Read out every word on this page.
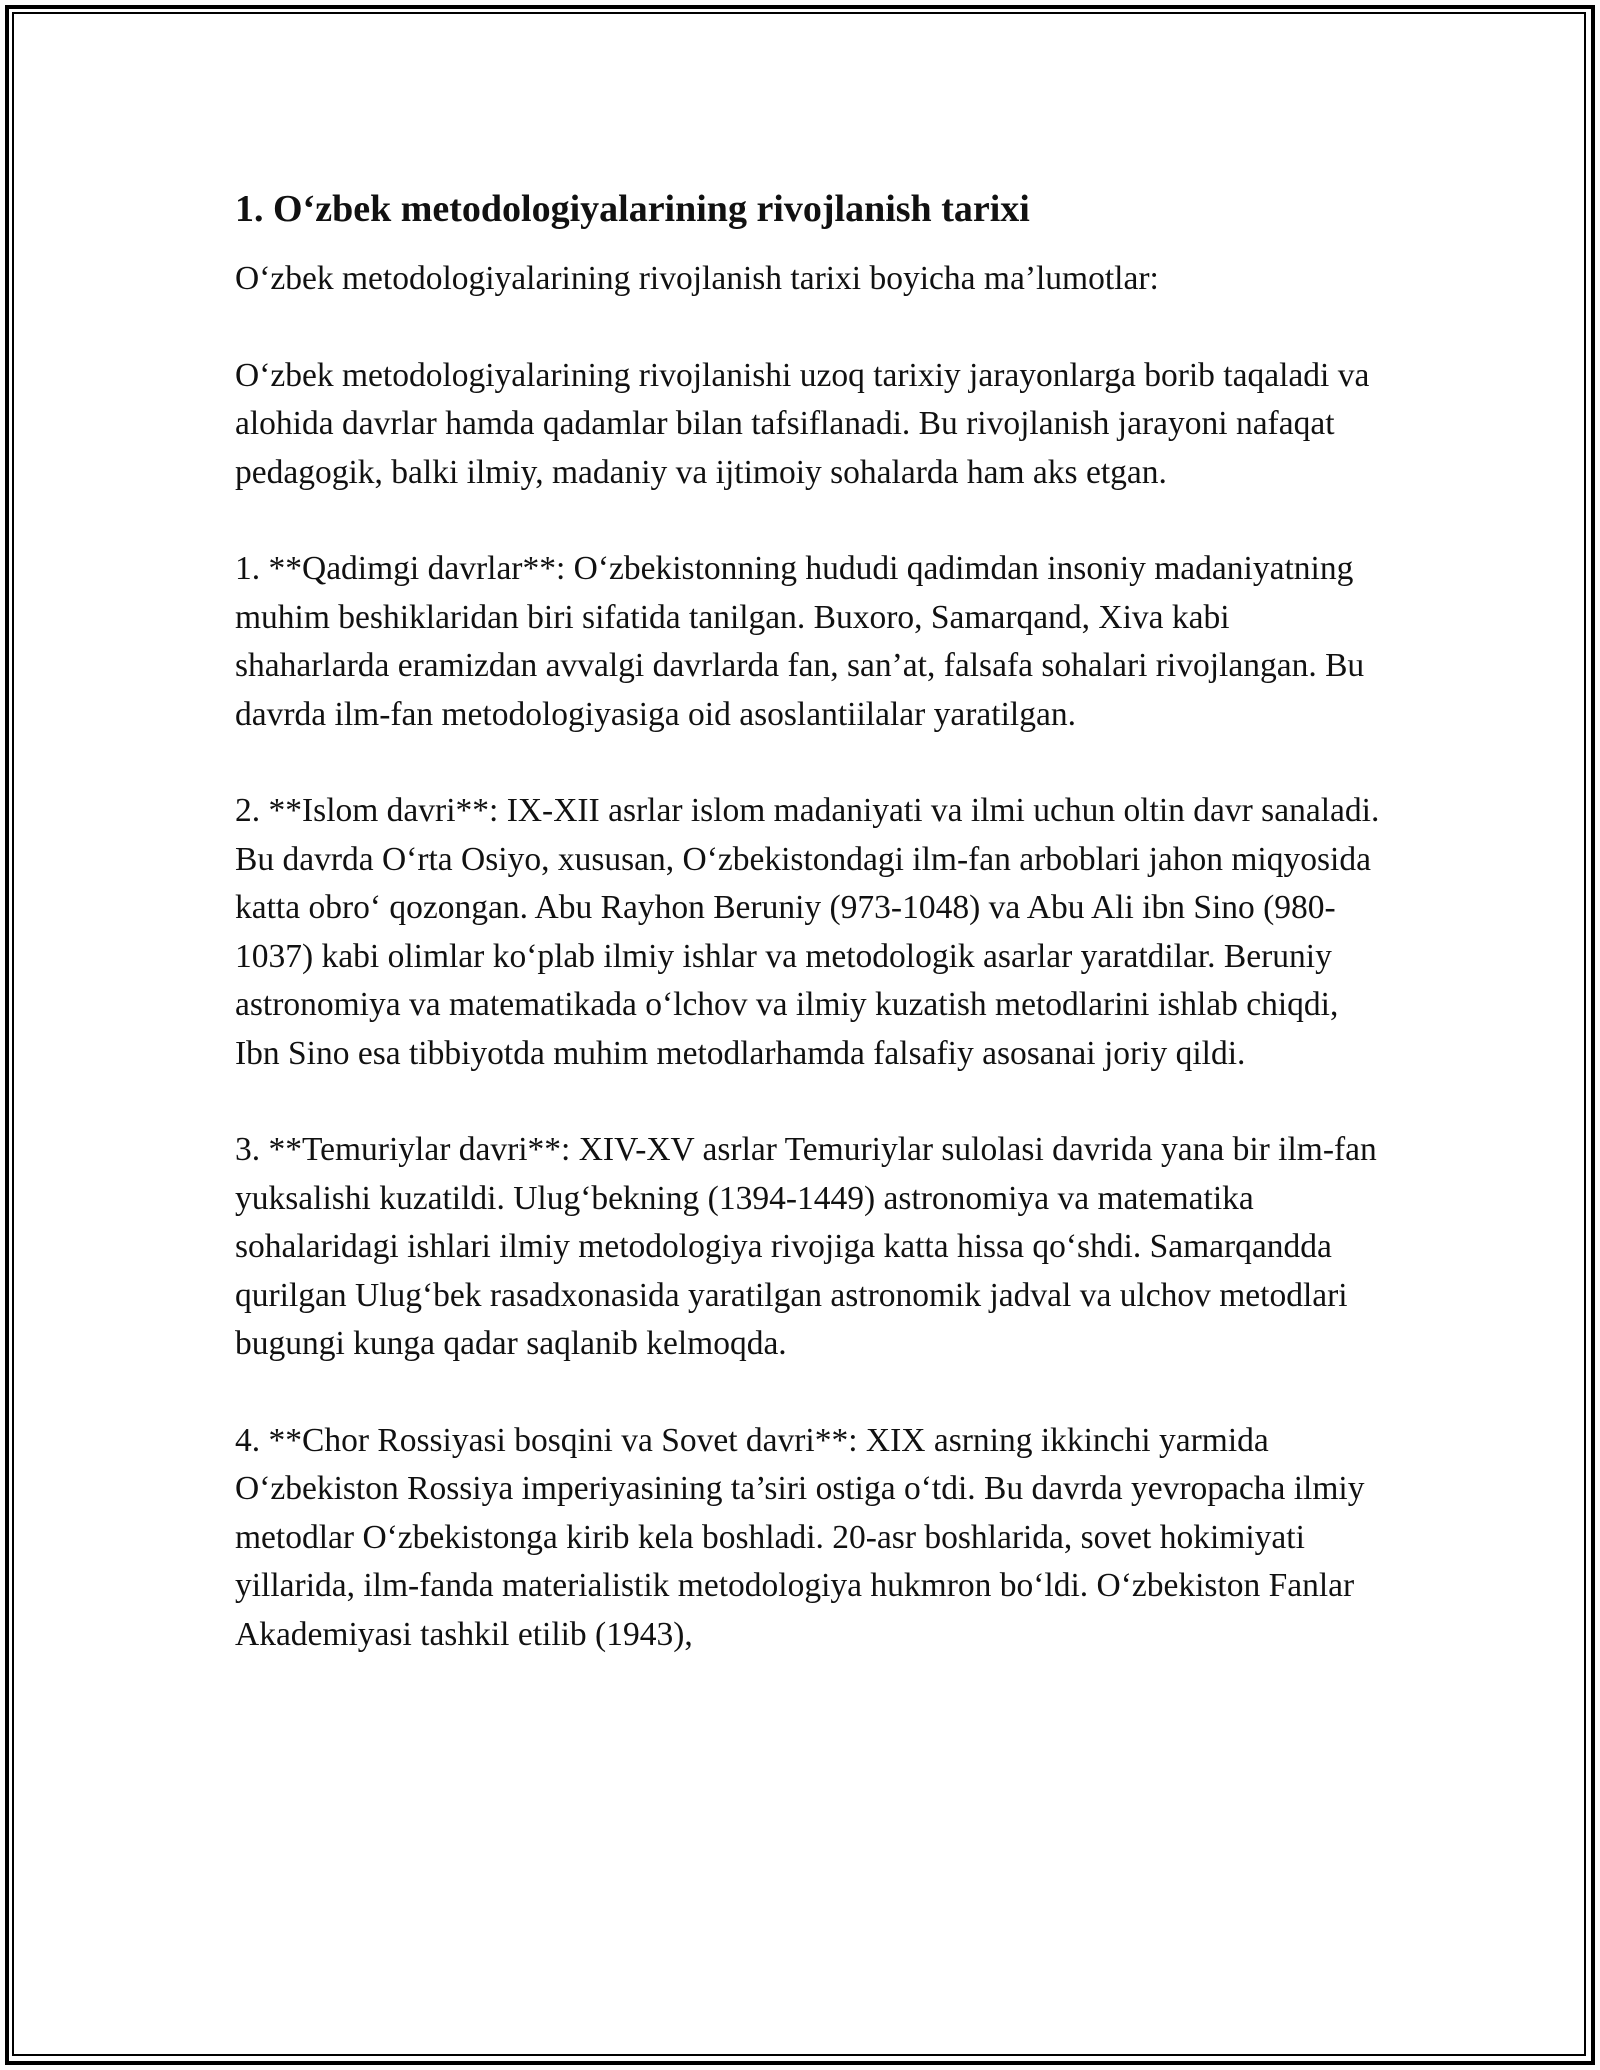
1. O‘zbek metodologiyalarining rivojlanish tarixi

O‘zbek metodologiyalarining rivojlanish tarixi boyicha ma’lumotlar:

O‘zbek metodologiyalarining rivojlanishi uzoq tarixiy jarayonlarga borib taqaladi va alohida davrlar hamda qadamlar bilan tafsiflanadi. Bu rivojlanish jarayoni nafaqat pedagogik, balki ilmiy, madaniy va ijtimoiy sohalarda ham aks etgan.

1. **Qadimgi davrlar**: O‘zbekistonning hududi qadimdan insoniy madaniyatning muhim beshiklaridan biri sifatida tanilgan. Buxoro, Samarqand, Xiva kabi shaharlarda eramizdan avvalgi davrlarda fan, san’at, falsafa sohalari rivojlangan. Bu davrda ilm-fan metodologiyasiga oid asoslantiilalar yaratilgan.

2. **Islom davri**: IX-XII asrlar islom madaniyati va ilmi uchun oltin davr sanaladi. Bu davrda O‘rta Osiyo, xususan, O‘zbekistondagi ilm-fan arboblari jahon miqyosida katta obro‘ qozongan. Abu Rayhon Beruniy (973-1048) va Abu Ali ibn Sino (980-1037) kabi olimlar ko‘plab ilmiy ishlar va metodologik asarlar yaratdilar. Beruniy astronomiya va matematikada o‘lchov va ilmiy kuzatish metodlarini ishlab chiqdi, Ibn Sino esa tibbiyotda muhim metodlarhamda falsafiy asosanai joriy qildi.

3. **Temuriylar davri**: XIV-XV asrlar Temuriylar sulolasi davrida yana bir ilm-fan yuksalishi kuzatildi. Ulug‘bekning (1394-1449) astronomiya va matematika sohalaridagi ishlari ilmiy metodologiya rivojiga katta hissa qo‘shdi. Samarqandda qurilgan Ulug‘bek rasadxonasida yaratilgan astronomik jadval va ulchov metodlari bugungi kunga qadar saqlanib kelmoqda.

4. **Chor Rossiyasi bosqini va Sovet davri**: XIX asrning ikkinchi yarmida O‘zbekiston Rossiya imperiyasining ta’siri ostiga o‘tdi. Bu davrda yevropacha ilmiy metodlar O‘zbekistonga kirib kela boshladi. 20-asr boshlarida, sovet hokimiyati yillarida, ilm-fanda materialistik metodologiya hukmron bo‘ldi. O‘zbekiston Fanlar Akademiyasi tashkil etilib (1943),
